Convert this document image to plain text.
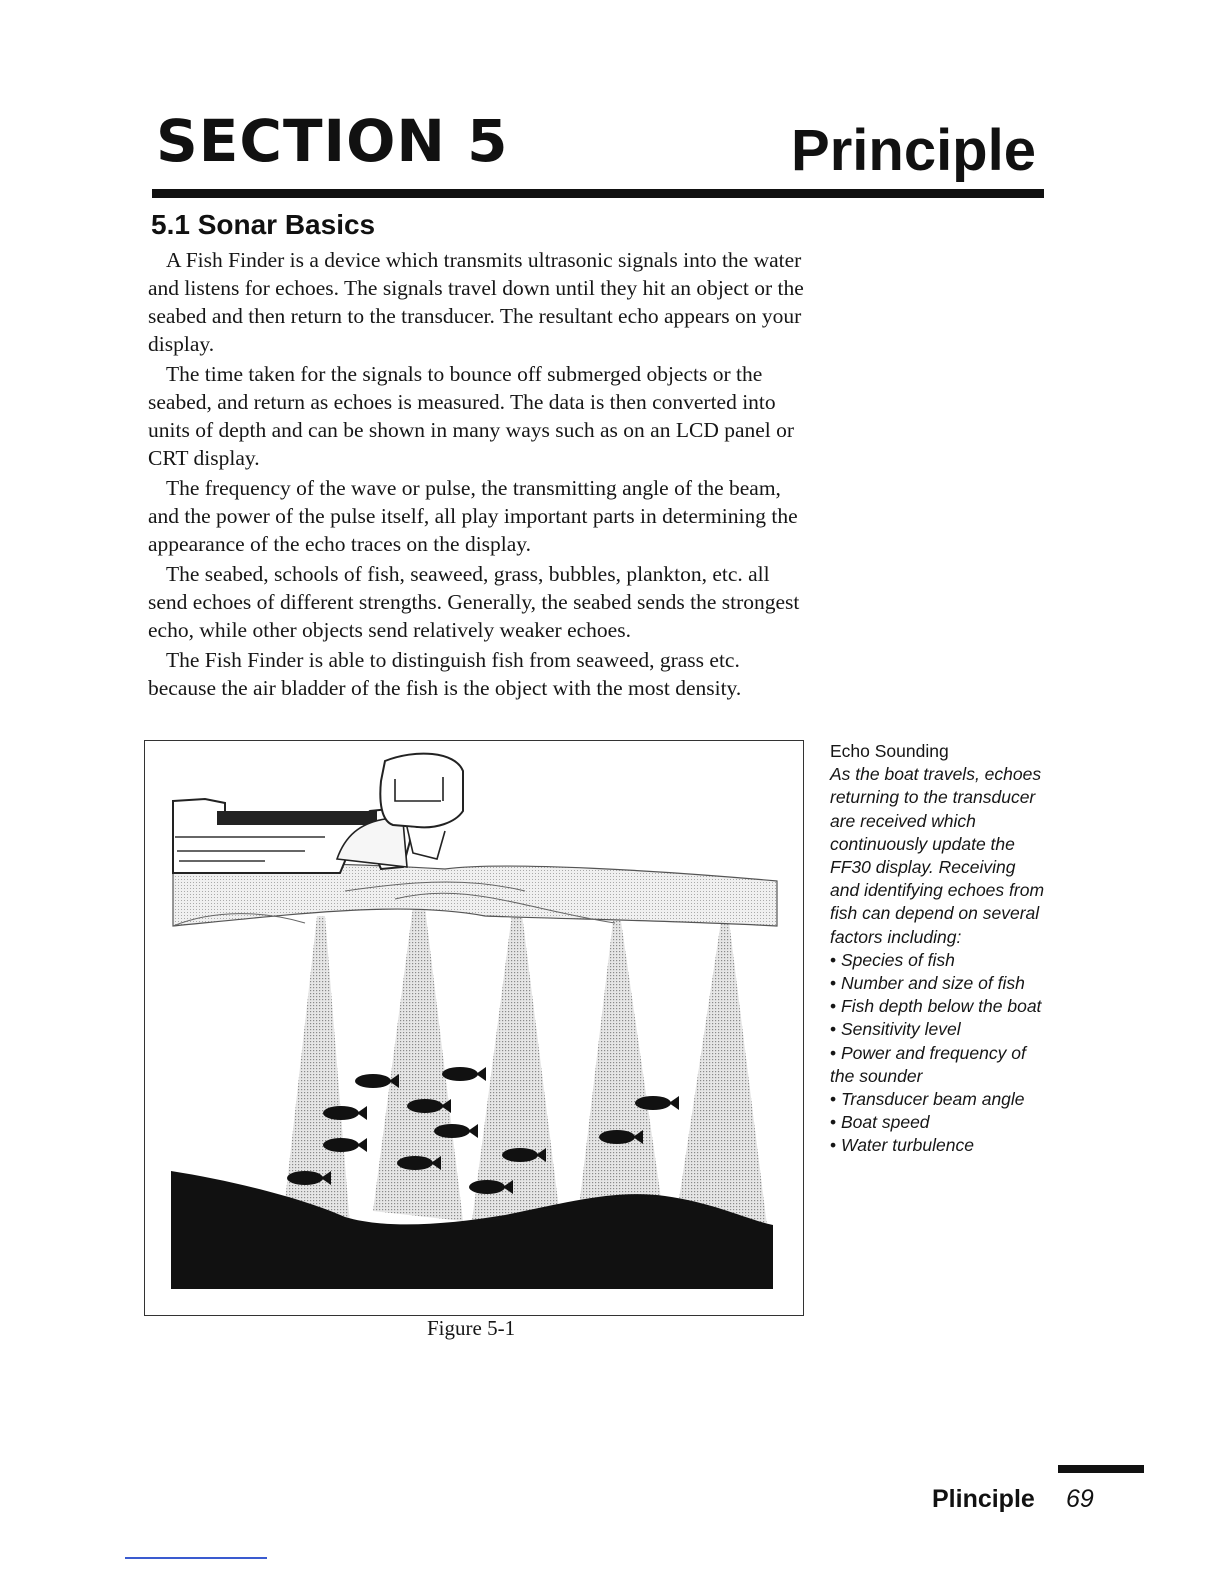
SECTION 5	Principle
5.1 Sonar Basics

A Fish Finder is a device which transmits ultrasonic signals into the water and listens for echoes. The signals travel down until they hit an object or the seabed and then return to the transducer. The resultant echo appears on your display.

The time taken for the signals to bounce off submerged objects or the seabed, and return as echoes is measured. The data is then converted into units of depth and can be shown in many ways such as on an LCD panel or CRT display.

The frequency of the wave or pulse, the transmitting angle of the beam, and the power of the pulse itself, all play important parts in determining the appearance of the echo traces on the display.

The seabed, schools of fish, seaweed, grass, bubbles, plankton, etc. all send echoes of different strengths. Generally, the seabed sends the strongest echo, while other objects send relatively weaker echoes.

The Fish Finder is able to distinguish fish from seaweed, grass etc. because the air bladder of the fish is the object with the most density.

Figure 5-1
Echo Sounding
As the boat travels, echoes returning to the transducer are received which continuously update the FF30 display. Receiving and identifying echoes from fish can depend on several factors including:
• Species of fish
• Number and size of fish
• Fish depth below the boat
• Sensitivity level
• Power and frequency of the sounder
• Transducer beam angle
• Boat speed
• Water turbulence
Plinciple 69
